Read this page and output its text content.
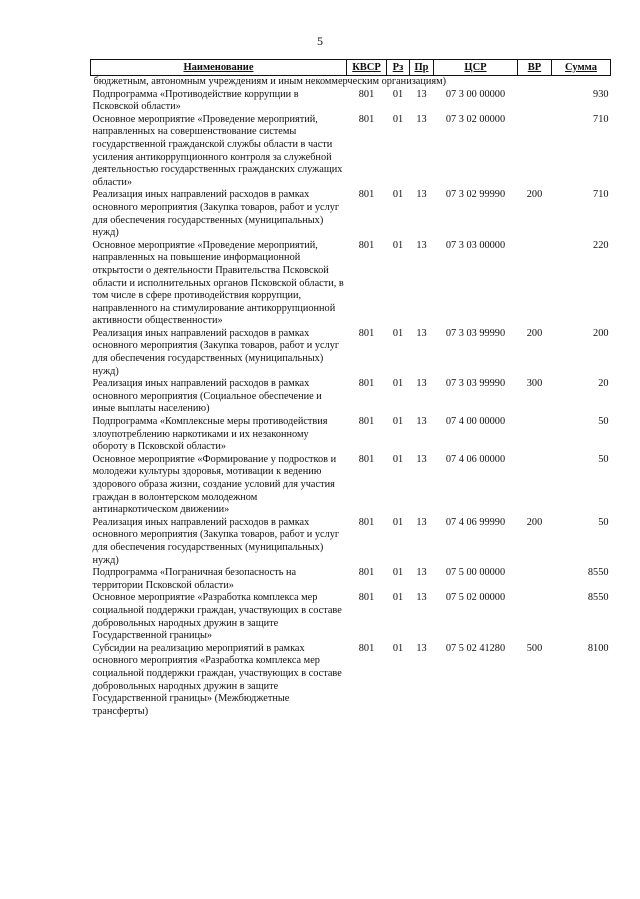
5
Наименование	КВСР	Рз	Пр	ЦСР	ВР	Сумма
бюджетным, автономным учреждениям и иным некоммерческим организациям)						
Подпрограмма «Противодействие коррупции в Псковской области»	801	01	13	07 3 00 00000		930
Основное мероприятие «Проведение мероприятий, направленных на совершенствование системы государственной гражданской службы области в части усиления антикоррупционного контроля за служебной деятельностью государственных гражданских служащих области»	801	01	13	07 3 02 00000		710
Реализация иных направлений расходов в рамках основного мероприятия (Закупка товаров, работ и услуг для обеспечения государственных (муниципальных) нужд)	801	01	13	07 3 02 99990	200	710
Основное мероприятие «Проведение мероприятий, направленных на повышение информационной открытости о деятельности Правительства Псковской области и исполнительных органов Псковской области, в том числе в сфере противодействия коррупции, направленного на стимулирование антикоррупционной активности общественности»	801	01	13	07 3 03 00000		220
Реализация иных направлений расходов в рамках основного мероприятия (Закупка товаров, работ и услуг для обеспечения государственных (муниципальных) нужд)	801	01	13	07 3 03 99990	200	200
Реализация иных направлений расходов в рамках основного мероприятия (Социальное обеспечение и иные выплаты населению)	801	01	13	07 3 03 99990	300	20
Подпрограмма «Комплексные меры противодействия злоупотреблению наркотиками и их незаконному обороту в Псковской области»	801	01	13	07 4 00 00000		50
Основное мероприятие «Формирование у подростков и молодежи культуры здоровья, мотивации к ведению здорового образа жизни, создание условий для участия граждан в волонтерском молодежном антинаркотическом движении»	801	01	13	07 4 06 00000		50
Реализация иных направлений расходов в рамках основного мероприятия (Закупка товаров, работ и услуг для обеспечения государственных (муниципальных) нужд)	801	01	13	07 4 06 99990	200	50
Подпрограмма «Пограничная безопасность на территории Псковской области»	801	01	13	07 5 00 00000		8550
Основное мероприятие «Разработка комплекса мер социальной поддержки граждан, участвующих в составе добровольных народных дружин в защите Государственной границы»	801	01	13	07 5 02 00000		8550
Субсидии на реализацию мероприятий в рамках основного мероприятия «Разработка комплекса мер социальной поддержки граждан, участвующих в составе добровольных народных дружин в защите Государственной границы» (Межбюджетные трансферты)	801	01	13	07 5 02 41280	500	8100
